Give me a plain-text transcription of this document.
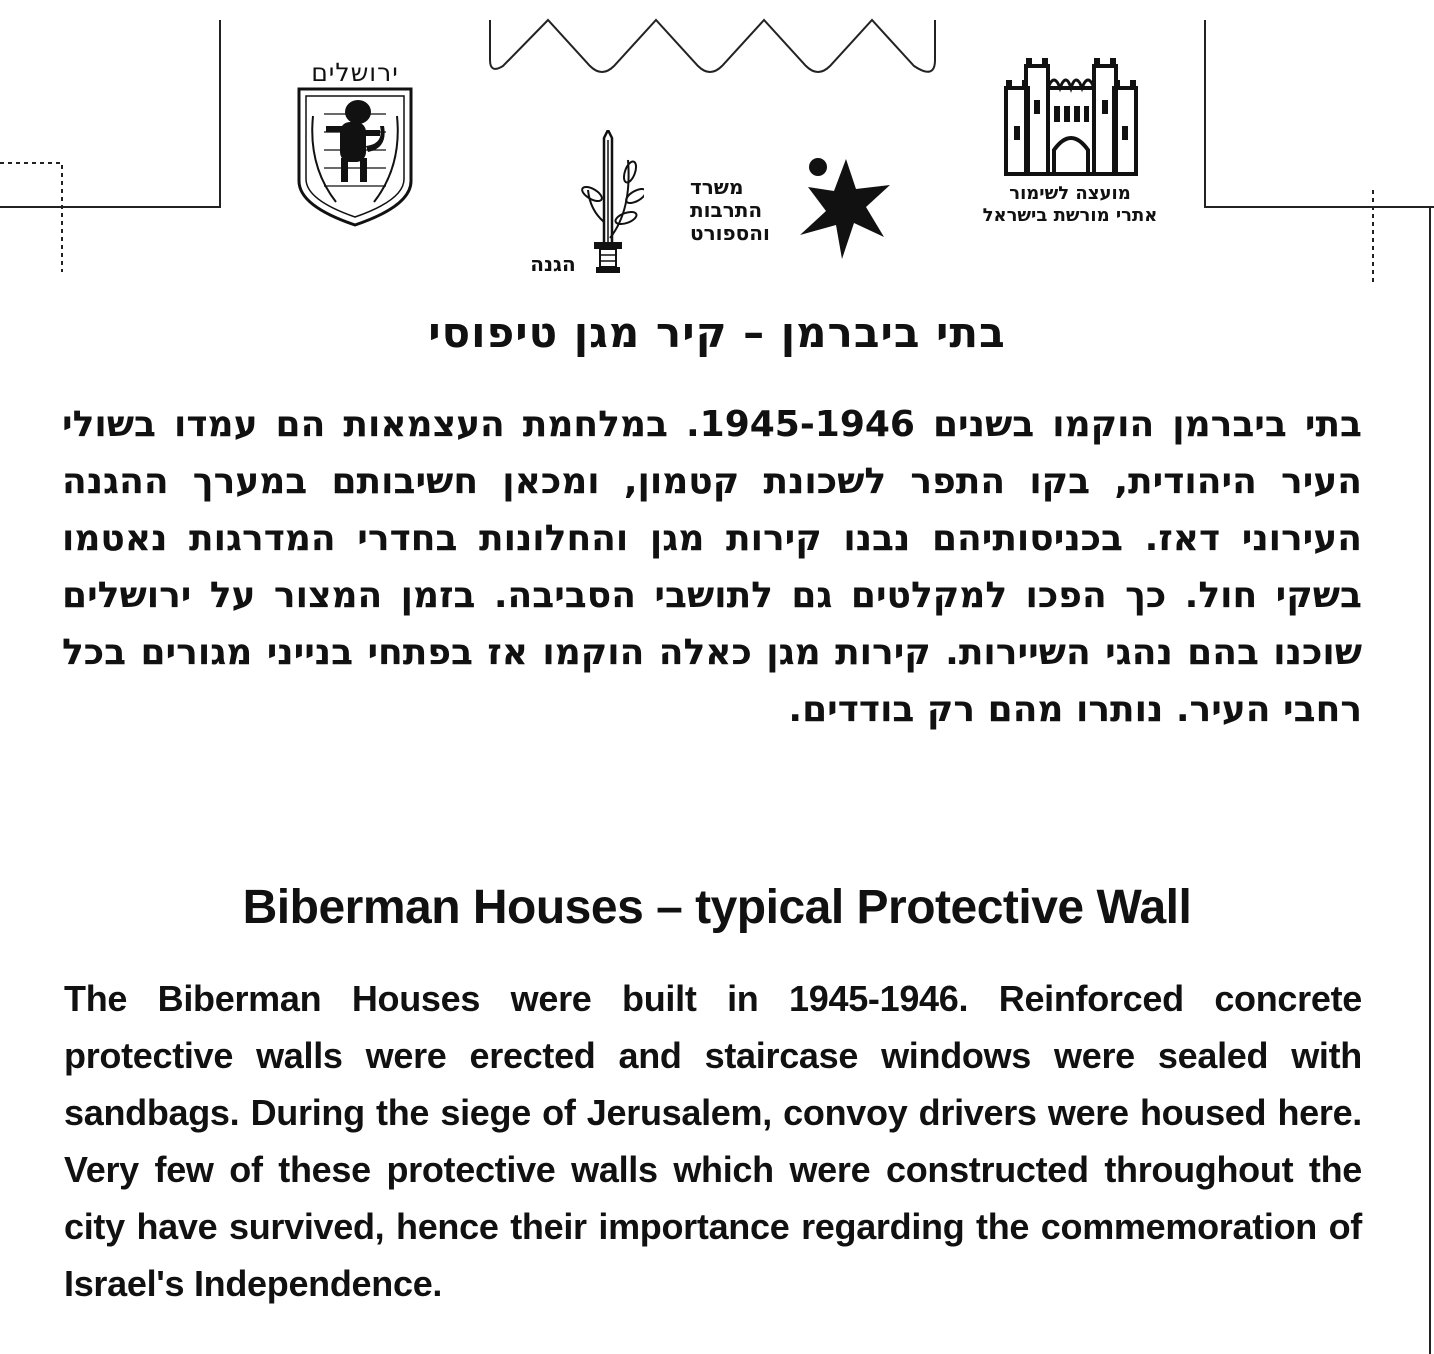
ירושלים
הגנה
משרד
התרבות
והספורט
מועצה לשימור
אתרי מורשת בישראל
בתי ביברמן – קיר מגן טיפוסי

בתי ביברמן הוקמו בשנים 1945-1946. במלחמת העצמאות הם עמדו בשולי העיר היהודית, בקו התפר לשכונת קטמון, ומכאן חשיבותם במערך ההגנה העירוני דאז. בכניסותיהם נבנו קירות מגן והחלונות בחדרי המדרגות נאטמו בשקי חול. כך הפכו למקלטים גם לתושבי הסביבה. בזמן המצור על ירושלים שוכנו בהם נהגי השיירות. קירות מגן כאלה הוקמו אז בפתחי בנייני מגורים בכל רחבי העיר. נותרו מהם רק בודדים.

Biberman Houses – typical Protective Wall

The Biberman Houses were built in 1945-1946. Reinforced concrete protective walls were erected and staircase windows were sealed with sandbags. During the siege of Jerusalem, convoy drivers were housed here. Very few of these protective walls which were constructed throughout the city have survived, hence their importance regarding the commemoration of Israel's Independence.
